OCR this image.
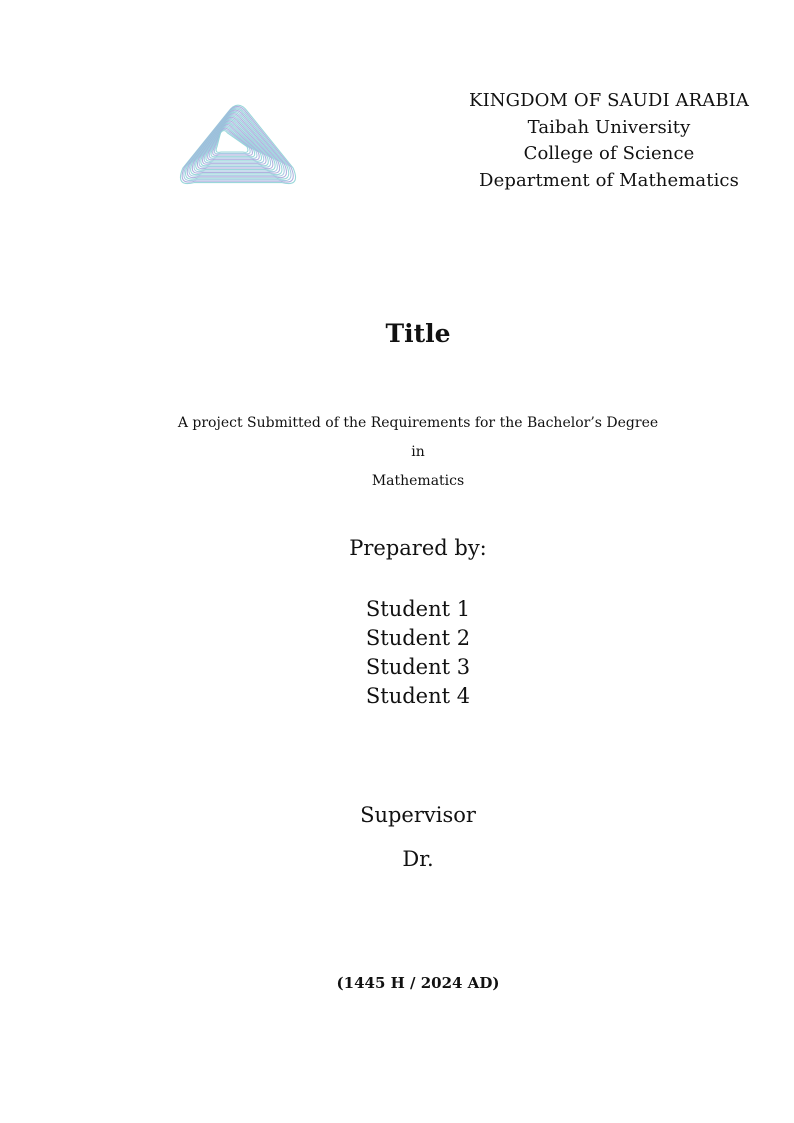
KINGDOM OF SAUDI ARABIA
Taibah University
College of Science
Department of Mathematics
Title
A project Submitted of the Requirements for the Bachelor’s Degree in
Mathematics
Prepared by:
Student 1
Student 2
Student 3
Student 4
Supervisor
Dr.
(1445 H / 2024 AD)
